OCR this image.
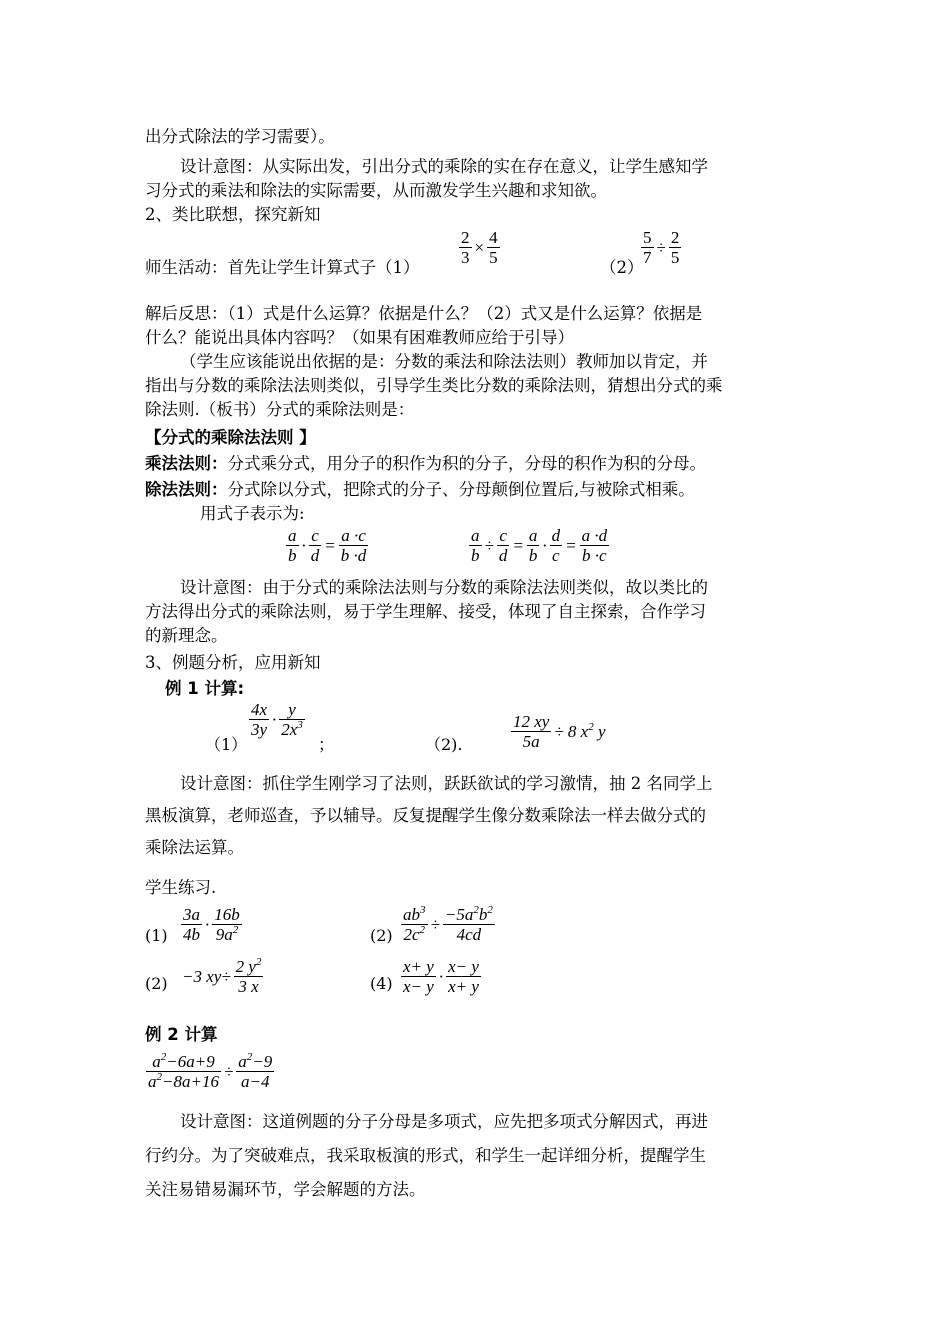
出分式除法的学习需要）。
设计意图：从实际出发，引出分式的乘除的实在存在意义，让学生感知学
习分式的乘法和除法的实际需要，从而激发学生兴趣和求知欲。
2、类比联想，探究新知
师生活动：首先让学生计算式子（1）
$\frac{2}{3} \times \frac{4}{5}$
（2）
$\frac{5}{7} \div \frac{2}{5}$
解后反思：（1）式是什么运算？依据是什么？（2）式又是什么运算？依据是
什么？能说出具体内容吗？（如果有困难教师应给于引导）
（学生应该能说出依据的是：分数的乘法和除法法则）教师加以肯定，并
指出与分数的乘除法法则类似，引导学生类比分数的乘除法则，猜想出分式的乘
除法则.（板书）分式的乘除法则是：
【分式的乘除法法则 】
乘法法则：分式乘分式，用分子的积作为积的分子，分母的积作为积的分母。
除法法则：分式除以分式，把除式的分子、分母颠倒位置后,与被除式相乘。
用式子表示为:
$\frac{a}{b} \cdot \frac{c}{d} = \frac{a \cdot c}{b \cdot d}$	$\frac{a}{b} \div \frac{c}{d} = \frac{a}{b} \cdot \frac{d}{c} = \frac{a \cdot d}{b \cdot c}$
设计意图：由于分式的乘除法法则与分数的乘除法法则类似，故以类比的
方法得出分式的乘除法则，易于学生理解、接受，体现了自主探索，合作学习
的新理念。
3、例题分析，应用新知
例 1 计算:
（1）
$\frac{4x}{3y} \cdot \frac{y}{2x^3}$
；	（2).	$\frac{12 xy}{5a} \div 8$ $x^2$ y
设计意图：抓住学生刚学习了法则，跃跃欲试的学习激情，抽 2 名同学上
黑板演算，老师巡查，予以辅导。反复提醒学生像分数乘除法一样去做分式的
乘除法运算。
学生练习.
$(1) \frac{3a}{4b} \cdot \frac{16b}{9a^2}$	$(2) \frac{ab^3}{2c^2} \div \frac{-5a^2b^2}{4cd}$
(2) −3 $xy\div \frac{2 y^2}{3 x}$	$(4) \frac{x+ y}{x- y} \cdot \frac{x- y}{x+ y}$
例 2 计算
$\frac{a^2-6a+9}{a^2-8a+16} \div \frac{a^2-9}{a-4}$
设计意图：这道例题的分子分母是多项式，应先把多项式分解因式，再进
行约分。为了突破难点，我采取板演的形式，和学生一起详细分析，提醒学生
关注易错易漏环节，学会解题的方法。
